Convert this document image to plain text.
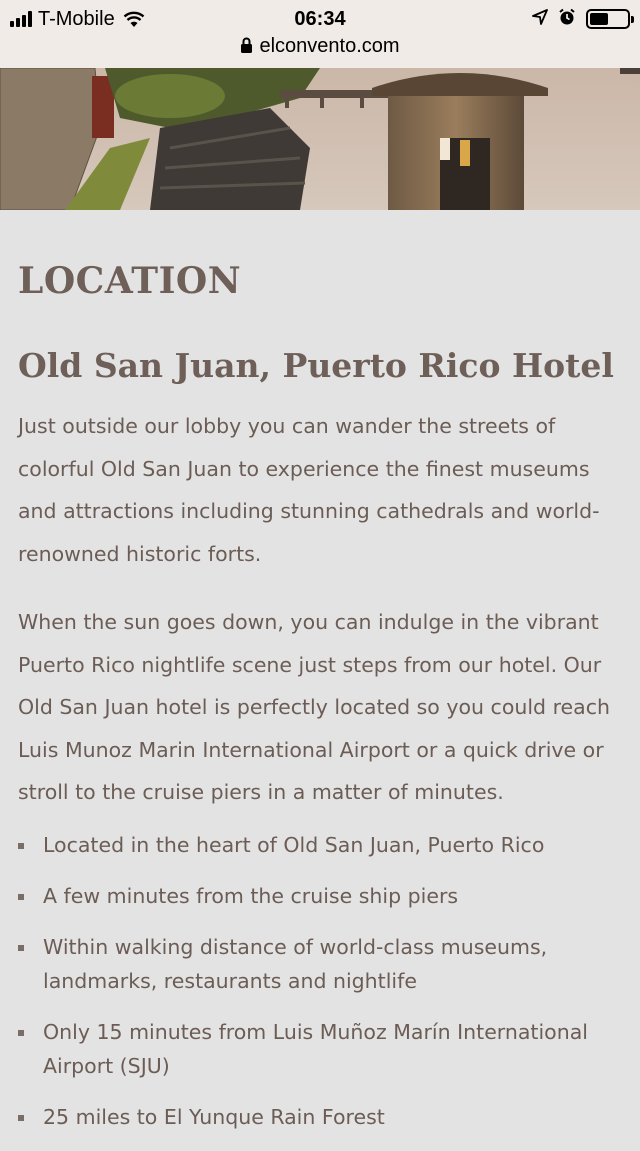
T-Mobile	06:34
elconvento.com
LOCATION
Old San Juan, Puerto Rico Hotel

Just outside our lobby you can wander the streets of colorful Old San Juan to experience the finest museums and attractions including stunning cathedrals and world-renowned historic forts.

When the sun goes down, you can indulge in the vibrant Puerto Rico nightlife scene just steps from our hotel. Our Old San Juan hotel is perfectly located so you could reach Luis Munoz Marin International Airport or a quick drive or stroll to the cruise piers in a matter of minutes.

Located in the heart of Old San Juan, Puerto Rico
A few minutes from the cruise ship piers
Within walking distance of world-class museums, landmarks, restaurants and nightlife
Only 15 minutes from Luis Muñoz Marín International Airport (SJU)
25 miles to El Yunque Rain Forest
